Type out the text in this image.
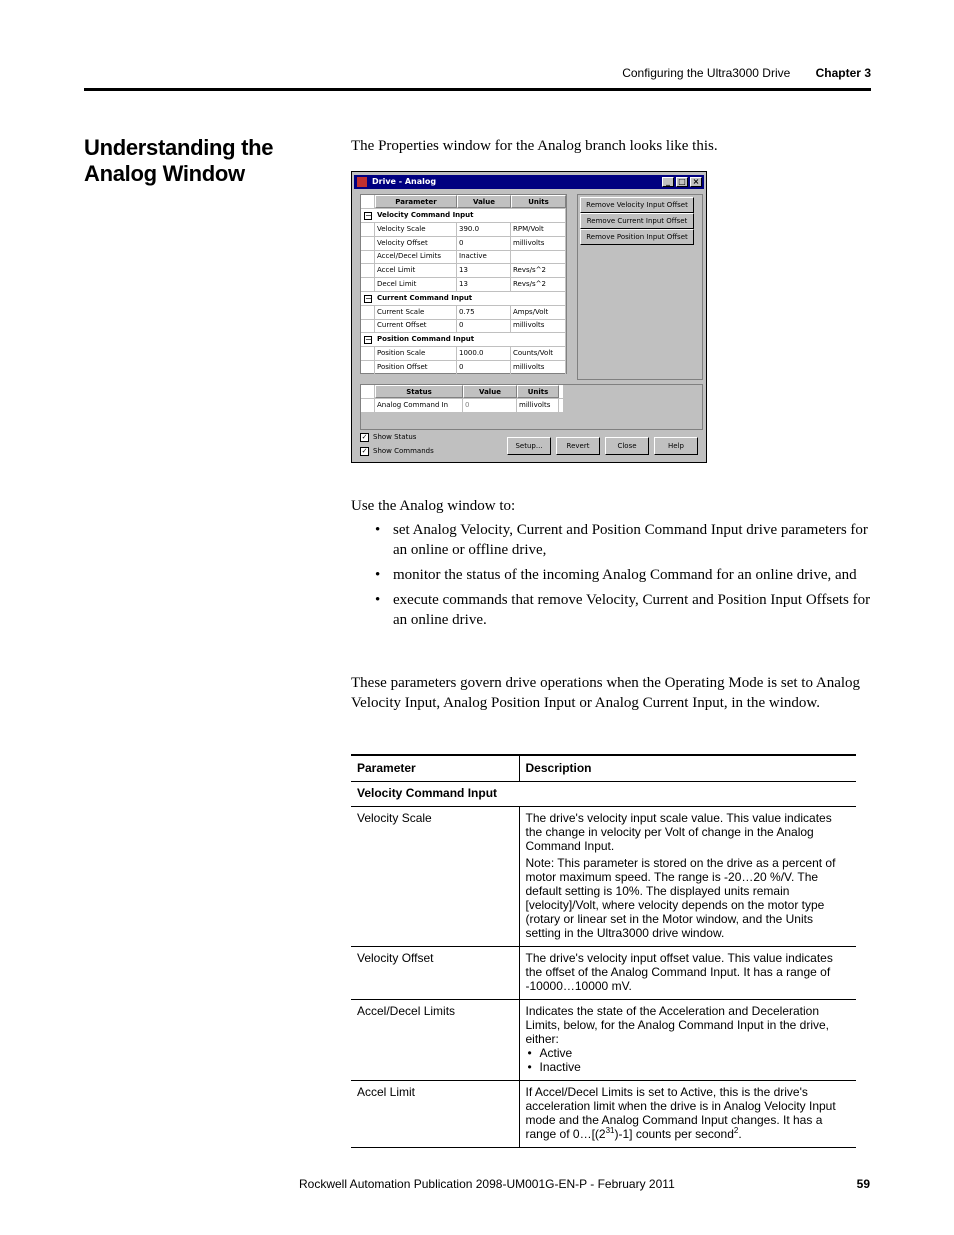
Configuring the Ultra3000 Drive Chapter 3
Understanding the Analog Window

The Properties window for the Analog branch looks like this.

Drive - Analog	_	□ ×
Parameter	Value	Units
− Velocity Command Input
Velocity Scale	390.0	RPM/Volt
Velocity Offset	0	millivolts
Accel/Decel Limits	Inactive
Accel Limit	13	Revs/s^2
Decel Limit	13	Revs/s^2
− Current Command Input
Current Scale	0.75	Amps/Volt
Current Offset	0	millivolts
− Position Command Input
Position Scale	1000.0	Counts/Volt
Position Offset	0	millivolts
Remove Velocity Input Offset
Remove Current Input Offset
Remove Position Input Offset
Status	Value	Units
Analog Command In	0	millivolts
✓ Show Status
✓ Show Commands
Setup...	Revert	Close	Help

Use the Analog window to:

• set Analog Velocity, Current and Position Command Input drive parameters for an online or offline drive,
• monitor the status of the incoming Analog Command for an online drive, and
• execute commands that remove Velocity, Current and Position Input Offsets for an online drive.

These parameters govern drive operations when the Operating Mode is set to Analog Velocity Input, Analog Position Input or Analog Current Input, in the window.

Parameter	Description
Velocity Command Input	
Velocity Scale	The drive's velocity input scale value. This value indicates the change in velocity per Volt of change in the Analog Command Input.
Note: This parameter is stored on the drive as a percent of motor maximum speed. The range is -20…20 %/V. The default setting is 10%. The displayed units remain [velocity]/Volt, where velocity depends on the motor type (rotary or linear set in the Motor window, and the Units setting in the Ultra3000 drive window.

Velocity Offset	The drive's velocity input offset value. This value indicates the offset of the Analog Command Input. It has a range of -10000…10000 mV.
Accel/Decel Limits	Indicates the state of the Acceleration and Deceleration Limits, below, for the Analog Command Input in the drive, either:
• Active
• Inactive

Accel Limit	If Accel/Decel Limits is set to Active, this is the drive's acceleration limit when the drive is in Analog Velocity Input mode and the Analog Command Input changes. It has a range of $0\dots[(2^{31})-1]$ counts per second$^2$.
Rockwell Automation Publication 2098-UM001G-EN-P - February 2011	59
